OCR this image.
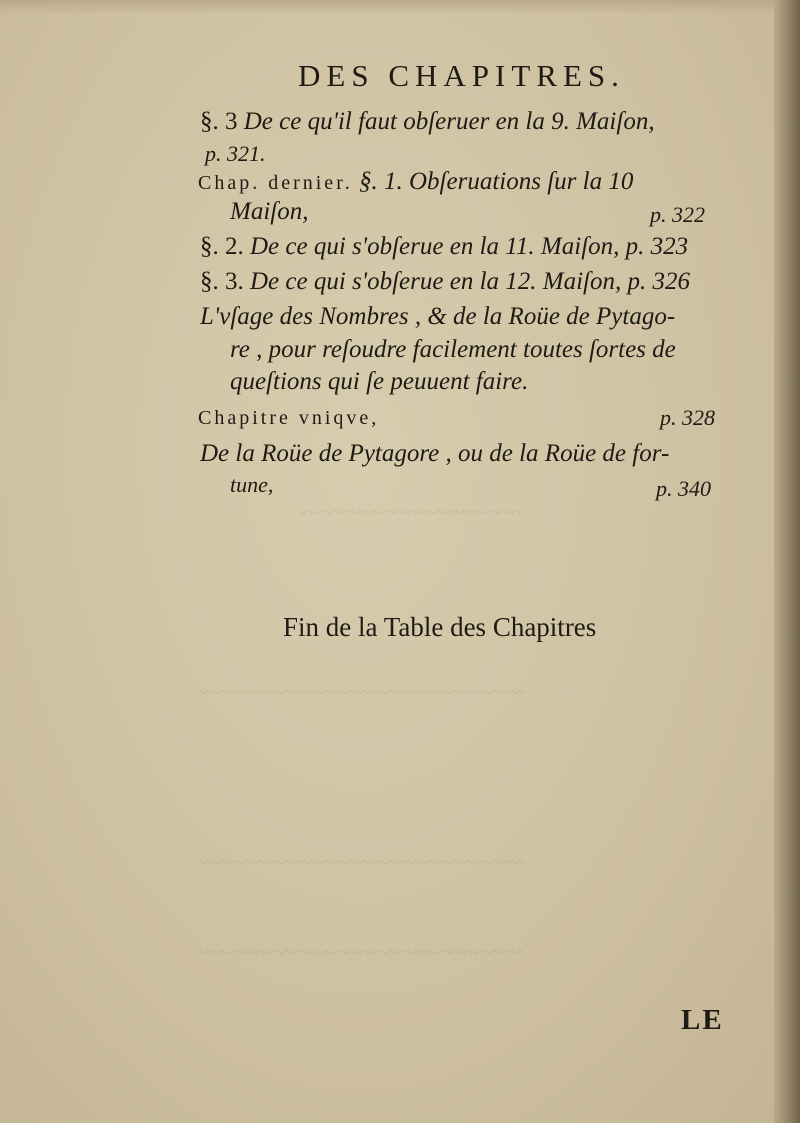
~~~~~~~~~~~~~~~~~
~~~~~~~~~~~~~~~~~~~~~~~~~
~~~~~~~~~~~~~~~~~~~~~~~~~
~~~~~~~~~~~~~~~~~~~~~~~~~
DES CHAPITRES.
§. 3 De ce qu'il faut obſeruer en la 9. Maiſon,
p. 321.
Chap. dernier. §. 1. Obſeruations ſur la 10
Maiſon,	p. 322
§. 2. De ce qui s'obſerue en la 11. Maiſon, p. 323
§. 3. De ce qui s'obſerue en la 12. Maiſon, p. 326
L'vſage des Nombres , & de la Roüe de Pytago-
re , pour reſoudre facilement toutes ſortes de
queſtions qui ſe peuuent faire.
Chapitre vniqve,	p. 328
De la Roüe de Pytagore , ou de la Roüe de for-
tune,	p. 340
Fin de la Table des Chapitres
LE
